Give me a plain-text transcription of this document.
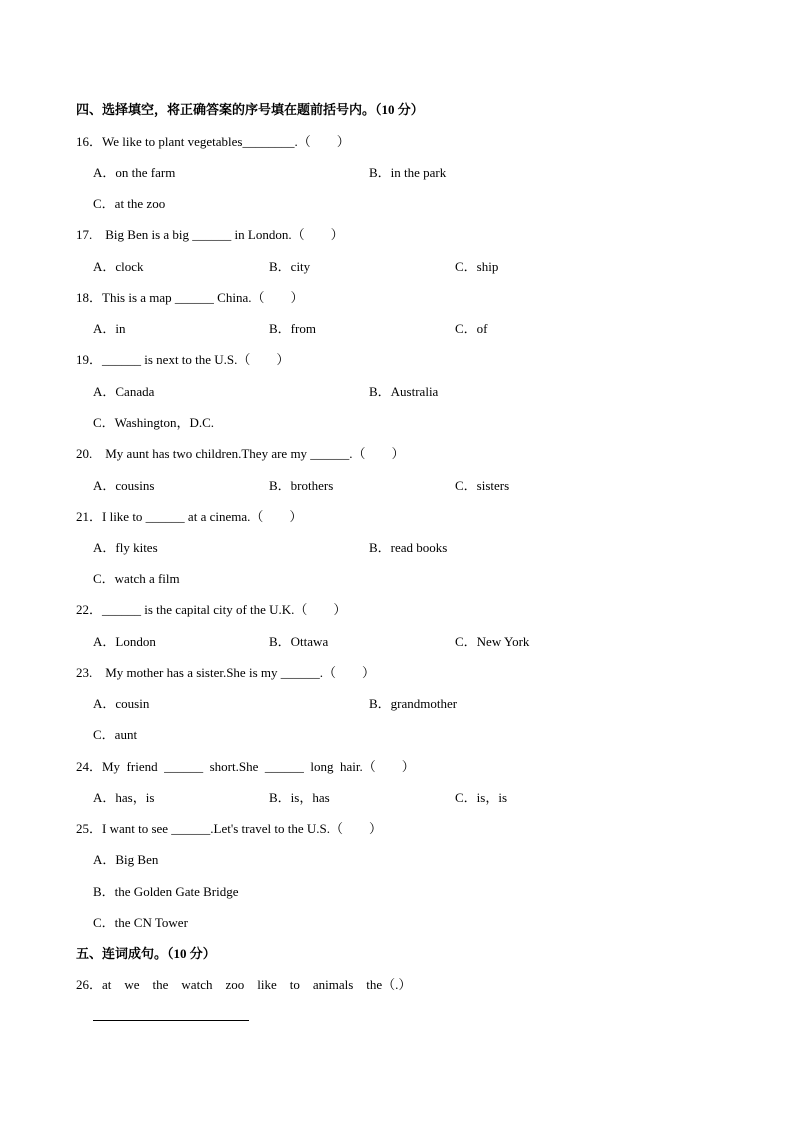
四、选择填空，将正确答案的序号填在题前括号内。（10 分）
16．We like to plant vegetables________.（　　）
A．on the farm	B．in the park
C．at the zoo
17.　Big Ben is a big ______ in London.（　　）
A．clock	B．city	C．ship
18．This is a map ______ China.（　　）
A．in	B．from	C．of
19．______ is next to the U.S.（　　）
A．Canada	B．Australia
C．Washington，D.C.
20.　My aunt has two children.They are my ______.（　　）
A．cousins	B．brothers	C．sisters
21．I like to ______ at a cinema.（　　）
A．fly kites	B．read books
C．watch a film
22．______ is the capital city of the U.K.（　　）
A．London	B．Ottawa	C．New York
23.　My mother has a sister.She is my ______.（　　）
A．cousin	B．grandmother
C．aunt
24．My  friend  ______  short.She  ______  long  hair.（　　）
A．has，is	B．is，has	C．is，is
25．I want to see ______.Let's travel to the U.S.（　　）
A．Big Ben
B．the Golden Gate Bridge
C．the CN Tower
五、连词成句。（10 分）
26．at　we　the　watch　zoo　like　to　animals　the（.）
